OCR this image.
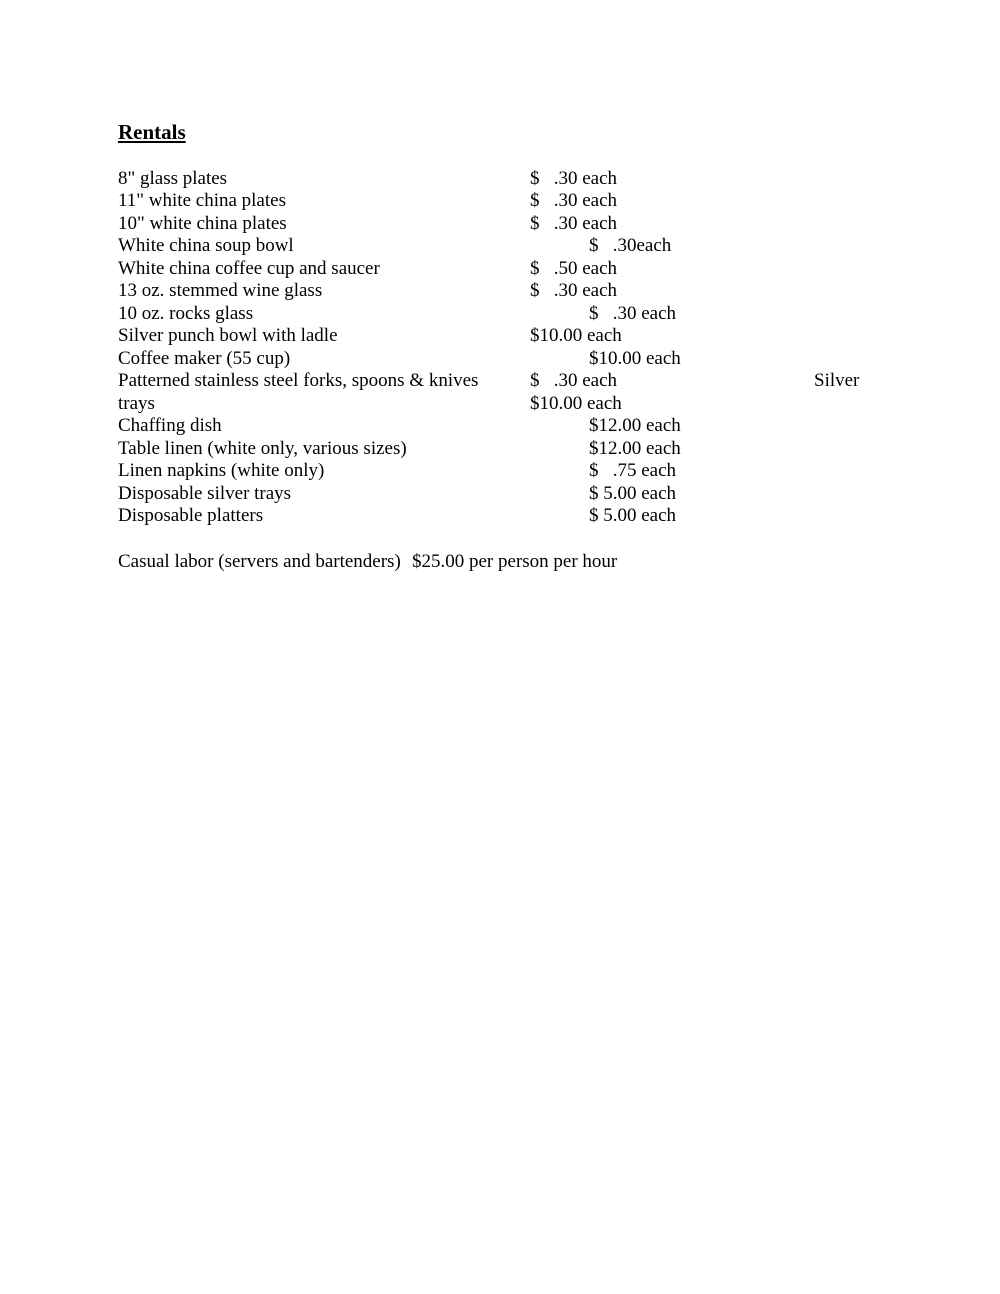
Rentals
8" glass plates
11" white china plates
10" white china plates
White china soup bowl
White china coffee cup and saucer
13 oz. stemmed wine glass
10 oz. rocks glass
Silver punch bowl with ladle
Coffee maker (55 cup)
Patterned stainless steel forks, spoons & knives
trays
Chaffing dish
Table linen (white only, various sizes)
Linen napkins (white only)
Disposable silver trays
Disposable platters
$   .30 each
$   .30 each
$   .30 each
$   .30each
$   .50 each
$   .30 each
$   .30 each
$10.00 each
$10.00 each
$   .30 each	Silver
$10.00 each
$12.00 each
$12.00 each
$   .75 each
$ 5.00 each
$ 5.00 each
Casual labor (servers and bartenders) $25.00 per person per hour
